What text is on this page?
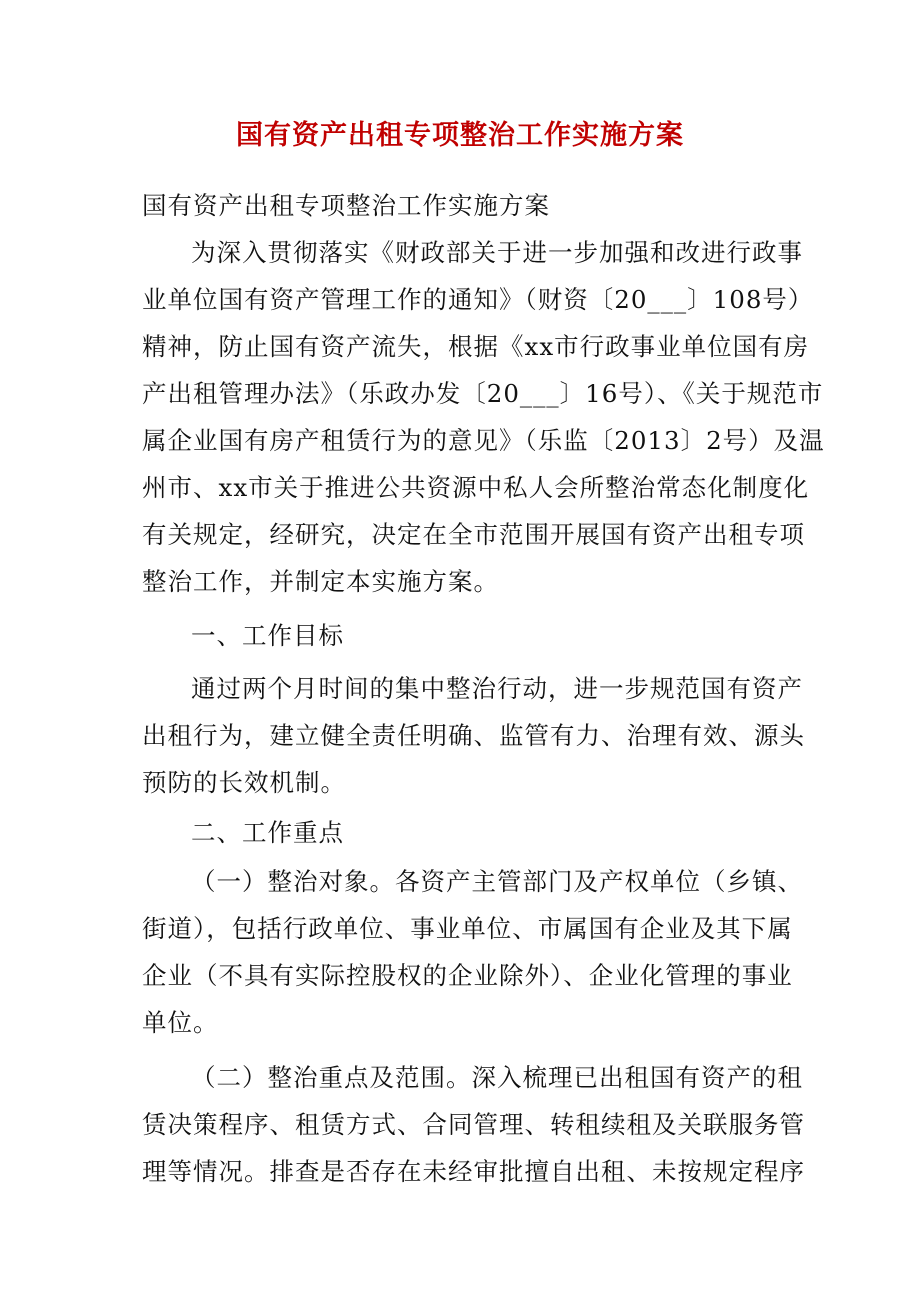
国有资产出租专项整治工作实施方案
国有资产出租专项整治工作实施方案
为深入贯彻落实《财政部关于进一步加强和改进行政事
业单位国有资产管理工作的通知》（财资〔20___〕108号）
精神，防止国有资产流失，根据《xx市行政事业单位国有房
产出租管理办法》（乐政办发〔20___〕16号）、《关于规范市
属企业国有房产租赁行为的意见》（乐监〔2013〕2号）及温
州市、xx市关于推进公共资源中私人会所整治常态化制度化
有关规定，经研究，决定在全市范围开展国有资产出租专项
整治工作，并制定本实施方案。
一、工作目标
通过两个月时间的集中整治行动，进一步规范国有资产
出租行为，建立健全责任明确、监管有力、治理有效、源头
预防的长效机制。
二、工作重点
（一）整治对象。各资产主管部门及产权单位（乡镇、
街道），包括行政单位、事业单位、市属国有企业及其下属
企业（不具有实际控股权的企业除外）、企业化管理的事业
单位。
（二）整治重点及范围。深入梳理已出租国有资产的租
赁决策程序、租赁方式、合同管理、转租续租及关联服务管
理等情况。排查是否存在未经审批擅自出租、未按规定程序
